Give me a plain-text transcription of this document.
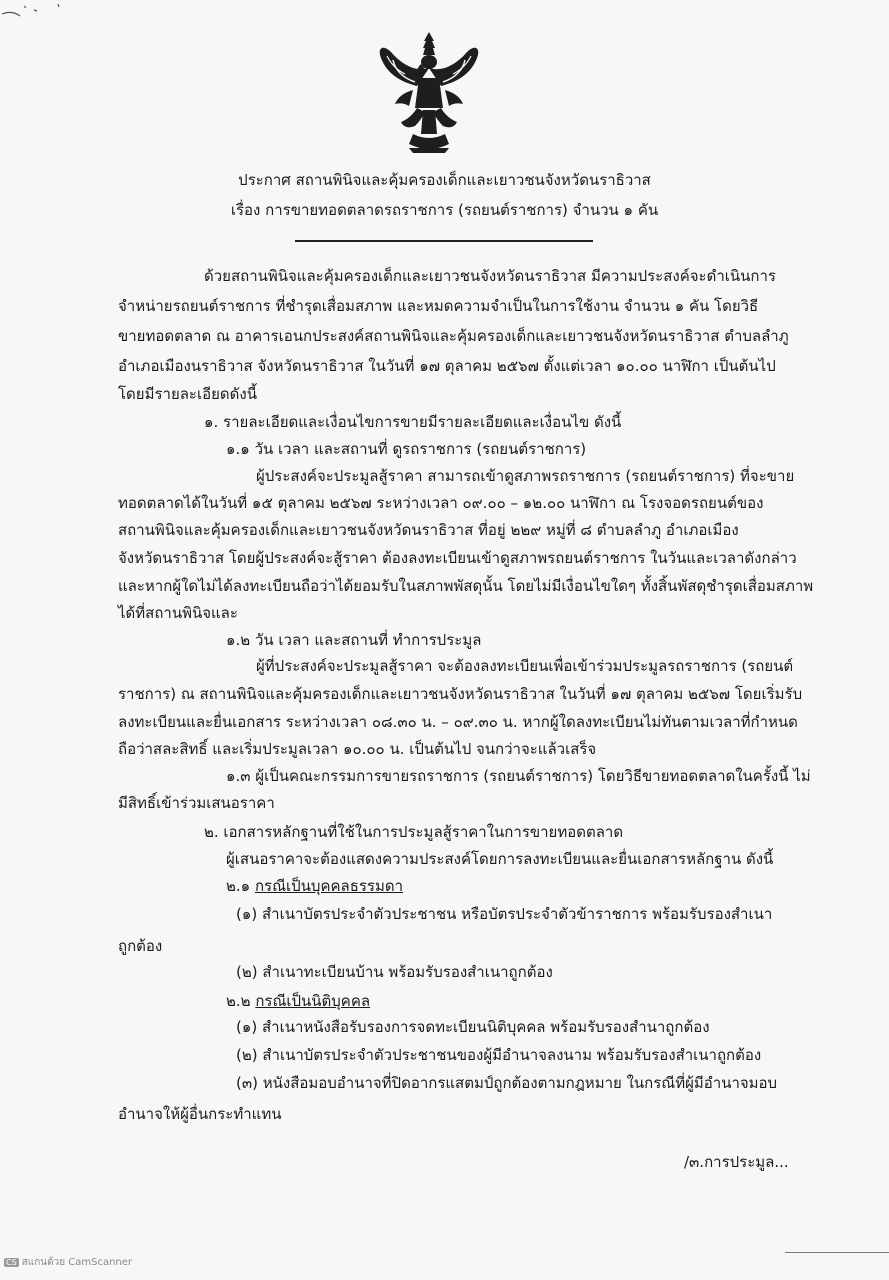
ประกาศ สถานพินิจและคุ้มครองเด็กและเยาวชนจังหวัดนราธิวาส
เรื่อง การขายทอดตลาดรถราชการ (รถยนต์ราชการ) จำนวน ๑ คัน
ด้วยสถานพินิจและคุ้มครองเด็กและเยาวชนจังหวัดนราธิวาส มีความประสงค์จะดำเนินการ
จำหน่ายรถยนต์ราชการ ที่ชำรุดเสื่อมสภาพ และหมดความจำเป็นในการใช้งาน จำนวน ๑ คัน โดยวิธี
ขายทอดตลาด ณ อาคารเอนกประสงค์สถานพินิจและคุ้มครองเด็กและเยาวชนจังหวัดนราธิวาส ตำบลลำภู
อำเภอเมืองนราธิวาส จังหวัดนราธิวาส ในวันที่ ๑๗ ตุลาคม ๒๕๖๗ ตั้งแต่เวลา ๑๐.๐๐ นาฬิกา เป็นต้นไป
โดยมีรายละเอียดดังนี้
๑. รายละเอียดและเงื่อนไขการขายมีรายละเอียดและเงื่อนไข ดังนี้
๑.๑ วัน เวลา และสถานที่ ดูรถราชการ (รถยนต์ราชการ)
ผู้ประสงค์จะประมูลสู้ราคา สามารถเข้าดูสภาพรถราชการ (รถยนต์ราชการ) ที่จะขาย
ทอดตลาดได้ในวันที่ ๑๕ ตุลาคม ๒๕๖๗ ระหว่างเวลา ๐๙.๐๐ – ๑๒.๐๐ นาฬิกา ณ โรงจอดรถยนต์ของ
สถานพินิจและคุ้มครองเด็กและเยาวชนจังหวัดนราธิวาส ที่อยู่ ๒๒๙ หมู่ที่ ๘ ตำบลลำภู อำเภอเมือง
จังหวัดนราธิวาส โดยผู้ประสงค์จะสู้ราคา ต้องลงทะเบียนเข้าดูสภาพรถยนต์ราชการ ในวันและเวลาดังกล่าว
และหากผู้ใดไม่ได้ลงทะเบียนถือว่าได้ยอมรับในสภาพพัสดุนั้น โดยไม่มีเงื่อนไขใดๆ ทั้งสิ้นพัสดุชำรุดเสื่อมสภาพ
ได้ที่สถานพินิจและ
๑.๒ วัน เวลา และสถานที่ ทำการประมูล
ผู้ที่ประสงค์จะประมูลสู้ราคา จะต้องลงทะเบียนเพื่อเข้าร่วมประมูลรถราชการ (รถยนต์
ราชการ) ณ สถานพินิจและคุ้มครองเด็กและเยาวชนจังหวัดนราธิวาส ในวันที่ ๑๗ ตุลาคม ๒๕๖๗ โดยเริ่มรับ
ลงทะเบียนและยื่นเอกสาร ระหว่างเวลา ๐๘.๓๐ น. – ๐๙.๓๐ น. หากผู้ใดลงทะเบียนไม่ทันตามเวลาที่กำหนด
ถือว่าสละสิทธิ์ และเริ่มประมูลเวลา ๑๐.๐๐ น. เป็นต้นไป จนกว่าจะแล้วเสร็จ
๑.๓ ผู้เป็นคณะกรรมการขายรถราชการ (รถยนต์ราชการ) โดยวิธีขายทอดตลาดในครั้งนี้ ไม่
มีสิทธิ์เข้าร่วมเสนอราคา
๒. เอกสารหลักฐานที่ใช้ในการประมูลสู้ราคาในการขายทอดตลาด
ผู้เสนอราคาจะต้องแสดงความประสงค์โดยการลงทะเบียนและยื่นเอกสารหลักฐาน ดังนี้
๒.๑ กรณีเป็นบุคคลธรรมดา
(๑) สำเนาบัตรประจำตัวประชาชน หรือบัตรประจำตัวข้าราชการ พร้อมรับรองสำเนา
ถูกต้อง
(๒) สำเนาทะเบียนบ้าน พร้อมรับรองสำเนาถูกต้อง
๒.๒ กรณีเป็นนิติบุคคล
(๑) สำเนาหนังสือรับรองการจดทะเบียนนิติบุคคล พร้อมรับรองสำนาถูกต้อง
(๒) สำเนาบัตรประจำตัวประชาชนของผู้มีอำนาจลงนาม พร้อมรับรองสำเนาถูกต้อง
(๓) หนังสือมอบอำนาจที่ปิดอากรแสตมป์ถูกต้องตามกฎหมาย ในกรณีที่ผู้มีอำนาจมอบ
อำนาจให้ผู้อื่นกระทำแทน
/๓.การประมูล...
CS สแกนด้วย CamScanner
